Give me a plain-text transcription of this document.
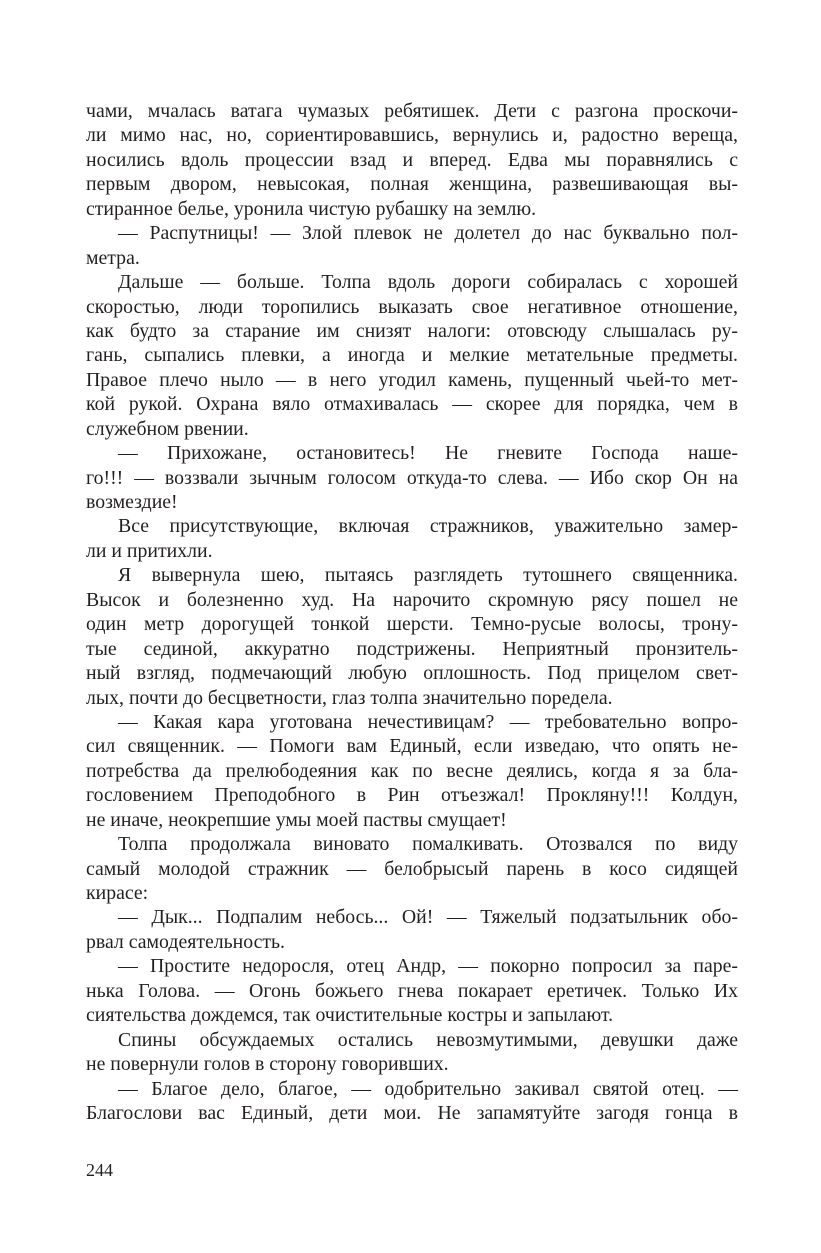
чами, мчалась ватага чумазых ребятишек. Дети с разгона проскочи-
ли мимо нас, но, сориентировавшись, вернулись и, радостно вереща,
носились вдоль процессии взад и вперед. Едва мы поравнялись с
первым двором, невысокая, полная женщина, развешивающая вы-
стиранное белье, уронила чистую рубашку на землю.
— Распутницы! — Злой плевок не долетел до нас буквально пол-
метра.
Дальше — больше. Толпа вдоль дороги собиралась с хорошей
скоростью, люди торопились выказать свое негативное отношение,
как будто за старание им снизят налоги: отовсюду слышалась ру-
гань, сыпались плевки, а иногда и мелкие метательные предметы.
Правое плечо ныло — в него угодил камень, пущенный чьей-то мет-
кой рукой. Охрана вяло отмахивалась — скорее для порядка, чем в
служебном рвении.
— Прихожане, остановитесь! Не гневите Господа наше-
го!!! — воззвали зычным голосом откуда-то слева. — Ибо скор Он на
возмездие!
Все присутствующие, включая стражников, уважительно замер-
ли и притихли.
Я вывернула шею, пытаясь разглядеть тутошнего священника.
Высок и болезненно худ. На нарочито скромную рясу пошел не
один метр дорогущей тонкой шерсти. Темно-русые волосы, трону-
тые сединой, аккуратно подстрижены. Неприятный пронзитель-
ный взгляд, подмечающий любую оплошность. Под прицелом свет-
лых, почти до бесцветности, глаз толпа значительно поредела.
— Какая кара уготована нечестивицам? — требовательно вопро-
сил священник. — Помоги вам Единый, если изведаю, что опять не-
потребства да прелюбодеяния как по весне деялись, когда я за бла-
гословением Преподобного в Рин отъезжал! Прокляну!!! Колдун,
не иначе, неокрепшие умы моей паствы смущает!
Толпа продолжала виновато помалкивать. Отозвался по виду
самый молодой стражник — белобрысый парень в косо сидящей
кирасе:
— Дык... Подпалим небось... Ой! — Тяжелый подзатыльник обо-
рвал самодеятельность.
— Простите недоросля, отец Андр, — покорно попросил за паре-
нька Голова. — Огонь божьего гнева покарает еретичек. Только Их
сиятельства дождемся, так очистительные костры и запылают.
Спины обсуждаемых остались невозмутимыми, девушки даже
не повернули голов в сторону говоривших.
— Благое дело, благое, — одобрительно закивал святой отец. —
Благослови вас Единый, дети мои. Не запамятуйте загодя гонца в
244
